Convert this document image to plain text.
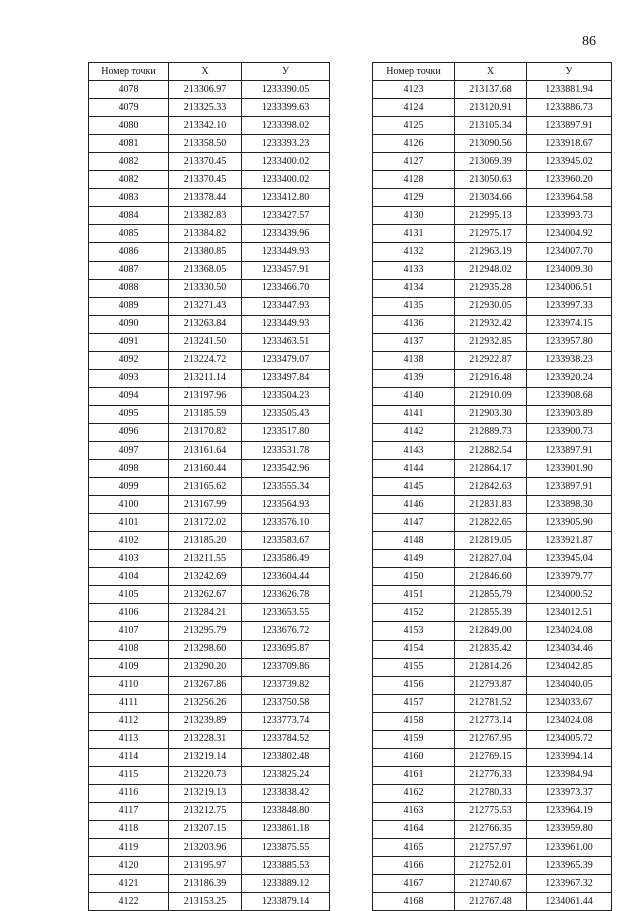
86
Номер точки	X	У
4078	213306.97	1233390.05
4079	213325.33	1233399.63
4080	213342.10	1233398.02
4081	213358.50	1233393.23
4082	213370.45	1233400.02
4082	213370.45	1233400.02
4083	213378.44	1233412.80
4084	213382.83	1233427.57
4085	213384.82	1233439.96
4086	213380.85	1233449.93
4087	213368.05	1233457.91
4088	213330.50	1233466.70
4089	213271.43	1233447.93
4090	213263.84	1233449.93
4091	213241.50	1233463.51
4092	213224.72	1233479.07
4093	213211.14	1233497.84
4094	213197.96	1233504.23
4095	213185.59	1233505.43
4096	213170.82	1233517.80
4097	213161.64	1233531.78
4098	213160.44	1233542.96
4099	213165.62	1233555.34
4100	213167.99	1233564.93
4101	213172.02	1233576.10
4102	213185.20	1233583.67
4103	213211.55	1233586.49
4104	213242.69	1233604.44
4105	213262.67	1233626.78
4106	213284.21	1233653.55
4107	213295.79	1233676.72
4108	213298.60	1233695.87
4109	213290.20	1233709.86
4110	213267.86	1233739.82
4111	213256.26	1233750.58
4112	213239.89	1233773.74
4113	213228.31	1233784.52
4114	213219.14	1233802.48
4115	213220.73	1233825.24
4116	213219.13	1233838.42
4117	213212.75	1233848.80
4118	213207.15	1233861.18
4119	213203.96	1233875.55
4120	213195.97	1233885.53
4121	213186.39	1233889.12
4122	213153.25	1233879.14
Номер точки	X	У
4123	213137.68	1233881.94
4124	213120.91	1233886.73
4125	213105.34	1233897.91
4126	213090.56	1233918.67
4127	213069.39	1233945.02
4128	213050.63	1233960.20
4129	213034.66	1233964.58
4130	212995.13	1233993.73
4131	212975.17	1234004.92
4132	212963.19	1234007.70
4133	212948.02	1234009.30
4134	212935.28	1234006.51
4135	212930.05	1233997.33
4136	212932.42	1233974.15
4137	212932.85	1233957.80
4138	212922.87	1233938.23
4139	212916.48	1233920.24
4140	212910.09	1233908.68
4141	212903.30	1233903.89
4142	212889.73	1233900.73
4143	212882.54	1233897.91
4144	212864.17	1233901.90
4145	212842.63	1233897.91
4146	212831.83	1233898.30
4147	212822.65	1233905.90
4148	212819.05	1233921.87
4149	212827.04	1233945.04
4150	212846.60	1233979.77
4151	212855.79	1234000.52
4152	212855.39	1234012.51
4153	212849.00	1234024.08
4154	212835.42	1234034.46
4155	212814.26	1234042.85
4156	212793.87	1234040.05
4157	212781.52	1234033.67
4158	212773.14	1234024.08
4159	212767.95	1234005.72
4160	212769.15	1233994.14
4161	212776.33	1233984.94
4162	212780.33	1233973.37
4163	212775.53	1233964.19
4164	212766.35	1233959.80
4165	212757.97	1233961.00
4166	212752.01	1233965.39
4167	212740.67	1233967.32
4168	212767.48	1234061.44
